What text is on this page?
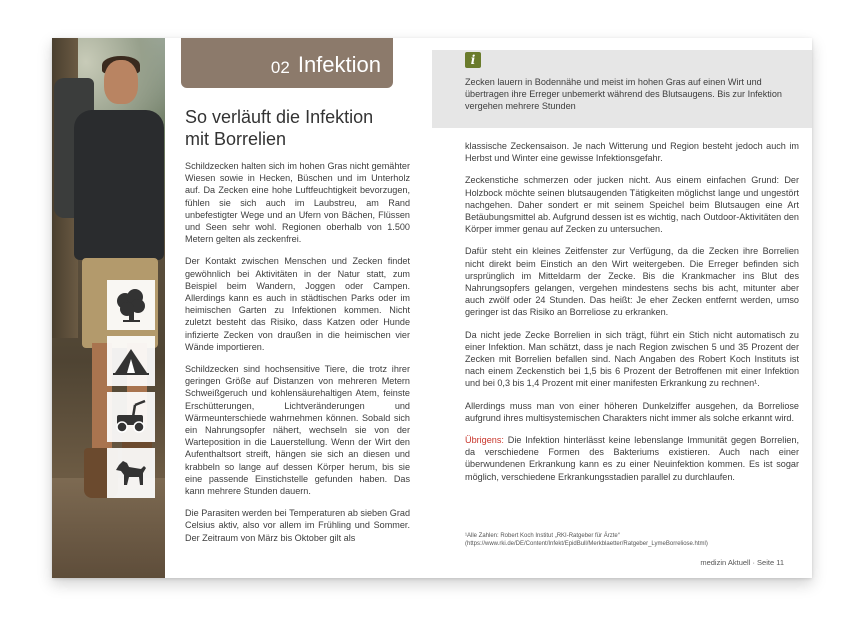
02 Infektion
So verläuft die Infektion
mit Borrelien

Schildzecken halten sich im hohen Gras nicht gemähter Wiesen sowie in Hecken, Büschen und im Unterholz auf. Da Zecken eine hohe Luftfeuchtigkeit bevorzugen, fühlen sie sich auch im Laubstreu, am Rand unbefestigter Wege und an Ufern von Bächen, Flüssen und Seen sehr wohl. Regionen oberhalb von 1.500 Metern gelten als zeckenfrei.

Der Kontakt zwischen Menschen und Zecken findet gewöhnlich bei Aktivitäten in der Natur statt, zum Beispiel beim Wandern, Joggen oder Campen. Allerdings kann es auch in städtischen Parks oder im heimischen Garten zu Infektionen kommen. Nicht zuletzt besteht das Risiko, dass Katzen oder Hunde infizierte Zecken von draußen in die heimischen vier Wände importieren.

Schildzecken sind hochsensitive Tiere, die trotz ihrer geringen Größe auf Distanzen von mehreren Metern Schweißgeruch und kohlensäurehaltigen Atem, feinste Erschütterungen, Lichtveränderungen und Wärmeunterschiede wahrnehmen können. Sobald sich ein Nahrungsopfer nähert, wechseln sie von der Warteposition in die Lauerstellung. Wenn der Wirt den Aufenthaltsort streift, hängen sie sich an diesen und krabbeln so lange auf dessen Körper herum, bis sie eine passende Einstichstelle gefunden haben. Das kann mehrere Stunden dauern.

Die Parasiten werden bei Temperaturen ab sieben Grad Celsius aktiv, also vor allem im Frühling und Sommer. Der Zeitraum von März bis Oktober gilt als

i
Zecken lauern in Bodennähe und meist im hohen Gras auf einen Wirt und übertragen ihre Erreger unbemerkt während des Blutsaugens. Bis zur Infektion vergehen mehrere Stunden

klassische Zeckensaison. Je nach Witterung und Region besteht jedoch auch im Herbst und Winter eine gewisse Infektionsgefahr.

Zeckenstiche schmerzen oder jucken nicht. Aus einem einfachen Grund: Der Holzbock möchte seinen blutsaugenden Tätigkeiten möglichst lange und ungestört nachgehen. Daher sondert er mit seinem Speichel beim Blutsaugen eine Art Betäubungsmittel ab. Aufgrund dessen ist es wichtig, nach Outdoor-Aktivitäten den Körper immer genau auf Zecken zu untersuchen.

Dafür steht ein kleines Zeitfenster zur Verfügung, da die Zecken ihre Borrelien nicht direkt beim Einstich an den Wirt weitergeben. Die Erreger befinden sich ursprünglich im Mitteldarm der Zecke. Bis die Krankmacher ins Blut des Nahrungsopfers gelangen, vergehen mindestens sechs bis acht, mitunter aber auch zwölf oder 24 Stunden. Das heißt: Je eher Zecken entfernt werden, umso geringer ist das Risiko an Borreliose zu erkranken.

Da nicht jede Zecke Borrelien in sich trägt, führt ein Stich nicht automatisch zu einer Infektion. Man schätzt, dass je nach Region zwischen 5 und 35 Prozent der Zecken mit Borrelien befallen sind. Nach Angaben des Robert Koch Instituts ist nach einem Zeckenstich bei 1,5 bis 6 Prozent der Betroffenen mit einer Infektion und bei 0,3 bis 1,4 Prozent mit einer manifesten Erkrankung zu rechnen¹.

Allerdings muss man von einer höheren Dunkelziffer ausgehen, da Borreliose aufgrund ihres multisystemischen Charakters nicht immer als solche erkannt wird.

Übrigens: Die Infektion hinterlässt keine lebenslange Immunität gegen Borrelien, da verschiedene Formen des Bakteriums existieren. Auch nach einer überwundenen Erkrankung kann es zu einer Neuinfektion kommen. Es ist sogar möglich, verschiedene Erkrankungsstadien parallel zu durchlaufen.

¹Alle Zahlen: Robert Koch Institut „RKI-Ratgeber für Ärzte“
(https://www.rki.de/DE/Content/Infekt/EpidBull/Merkblaetter/Ratgeber_LymeBorreliose.html)
medizin Aktuell · Seite 11
